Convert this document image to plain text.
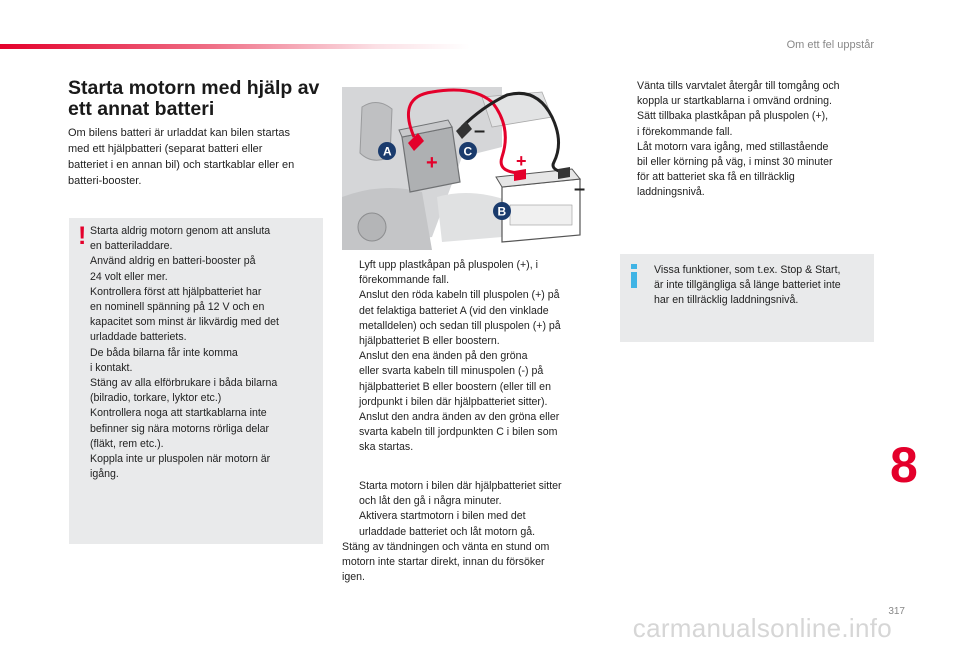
Om ett fel uppstår
Starta motorn med hjälp av
ett annat batteri
Om bilens batteri är urladdat kan bilen startas
med ett hjälpbatteri (separat batteri eller
batteriet i en annan bil) och startkablar eller en
batteri-booster.
! Starta aldrig motorn genom att ansluta
en batteriladdare.
Använd aldrig en batteri-booster på
24 volt eller mer.
Kontrollera först att hjälpbatteriet har
en nominell spänning på 12 V och en
kapacitet som minst är likvärdig med det
urladdade batteriets.
De båda bilarna får inte komma
i kontakt.
Stäng av alla elförbrukare i båda bilarna
(bilradio, torkare, lyktor etc.)
Kontrollera noga att startkablarna inte
befinner sig nära motorns rörliga delar
(fläkt, rem etc.).
Koppla inte ur pluspolen när motorn är
igång.
+
–
+
–
A	C
B
Lyft upp plastkåpan på pluspolen (+), i
förekommande fall.
Anslut den röda kabeln till pluspolen (+) på
det felaktiga batteriet A (vid den vinklade
metalldelen) och sedan till pluspolen (+) på
hjälpbatteriet B eller boostern.
Anslut den ena änden på den gröna
eller svarta kabeln till minuspolen (-) på
hjälpbatteriet B eller boostern (eller till en
jordpunkt i bilen där hjälpbatteriet sitter).
Anslut den andra änden av den gröna eller
svarta kabeln till jordpunkten C i bilen som
ska startas.
Starta motorn i bilen där hjälpbatteriet sitter
och låt den gå i några minuter.
Aktivera startmotorn i bilen med det
urladdade batteriet och låt motorn gå.
Stäng av tändningen och vänta en stund om
motorn inte startar direkt, innan du försöker
igen.
Vänta tills varvtalet återgår till tomgång och
koppla ur startkablarna i omvänd ordning.
Sätt tillbaka plastkåpan på pluspolen (+),
i förekommande fall.
Låt motorn vara igång, med stillastående
bil eller körning på väg, i minst 30 minuter
för att batteriet ska få en tillräcklig
laddningsnivå.
Vissa funktioner, som t.ex. Stop & Start,
är inte tillgängliga så länge batteriet inte
har en tillräcklig laddningsnivå.
8
317
carmanualsonline.info
